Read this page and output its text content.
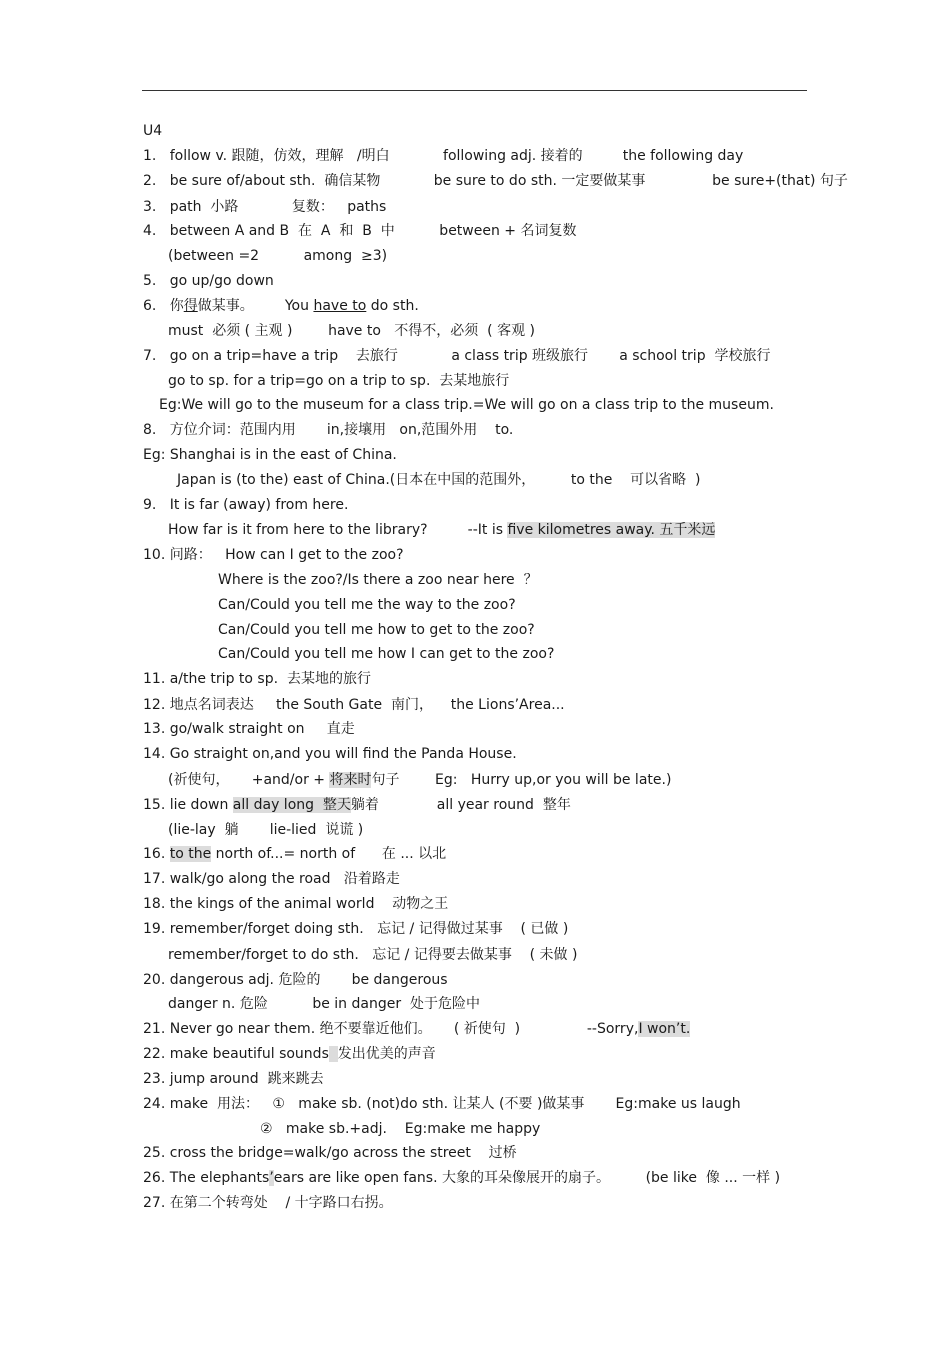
U4
1.   follow v. 跟随，仿效，理解   /明白            following adj. 接着的         the following day
2.   be sure of/about sth.  确信某物            be sure to do sth. 一定要做某事               be sure+(that) 句子
3.   path  小路            复数：   paths
4.   between A and B  在  A  和  B  中          between + 名词复数
(between =2          among  ≥3)
5.   go up/go down
6.   你得做某事。       You have to do sth.
must  必须 ( 主观 )        have to   不得不，必须  ( 客观 )
7.   go on a trip=have a trip    去旅行            a class trip 班级旅行       a school trip  学校旅行
go to sp. for a trip=go on a trip to sp.  去某地旅行
Eg:We will go to the museum for a class trip.=We will go on a class trip to the museum.
8.   方位介词：范围内用       in,接壤用   on,范围外用    to.
Eg: Shanghai is in the east of China.
Japan is (to the) east of China.(日本在中国的范围外，        to the    可以省略  )
9.   It is far (away) from here.
How far is it from here to the library?         --It is five kilometres away. 五千米远
10. 问路：   How can I get to the zoo?
Where is the zoo?/Is there a zoo near here  ？
Can/Could you tell me the way to the zoo?
Can/Could you tell me how to get to the zoo?
Can/Could you tell me how I can get to the zoo?
11. a/the trip to sp.  去某地的旅行
12. 地点名词表达     the South Gate  南门，    the Lions’Area...
13. go/walk straight on     直走
14. Go straight on,and you will find the Panda House.
(祈使句，     +and/or + 将来时句子        Eg:   Hurry up,or you will be late.)
15. lie down all day long  整天躺着             all year round  整年
(lie-lay  躺       lie-lied  说谎 )
16. to the north of...= north of      在 ... 以北
17. walk/go along the road   沿着路走
18. the kings of the animal world    动物之王
19. remember/forget doing sth.   忘记 / 记得做过某事    ( 已做 )
remember/forget to do sth.   忘记 / 记得要去做某事    ( 未做 )
20. dangerous adj. 危险的       be dangerous
danger n. 危险          be in danger  处于危险中
21. Never go near them. 绝不要靠近他们。     ( 祈使句  )               --Sorry,I won’t.
22. make beautiful sounds 发出优美的声音
23. jump around  跳来跳去
24. make  用法：   ①   make sb. (not)do sth. 让某人 (不要 )做某事       Eg:make us laugh
②   make sb.+adj.    Eg:make me happy
25. cross the bridge=walk/go across the street    过桥
26. The elephants’ears are like open fans. 大象的耳朵像展开的扇子。        (be like  像 ... 一样 )
27. 在第二个转弯处    / 十字路口右拐。
